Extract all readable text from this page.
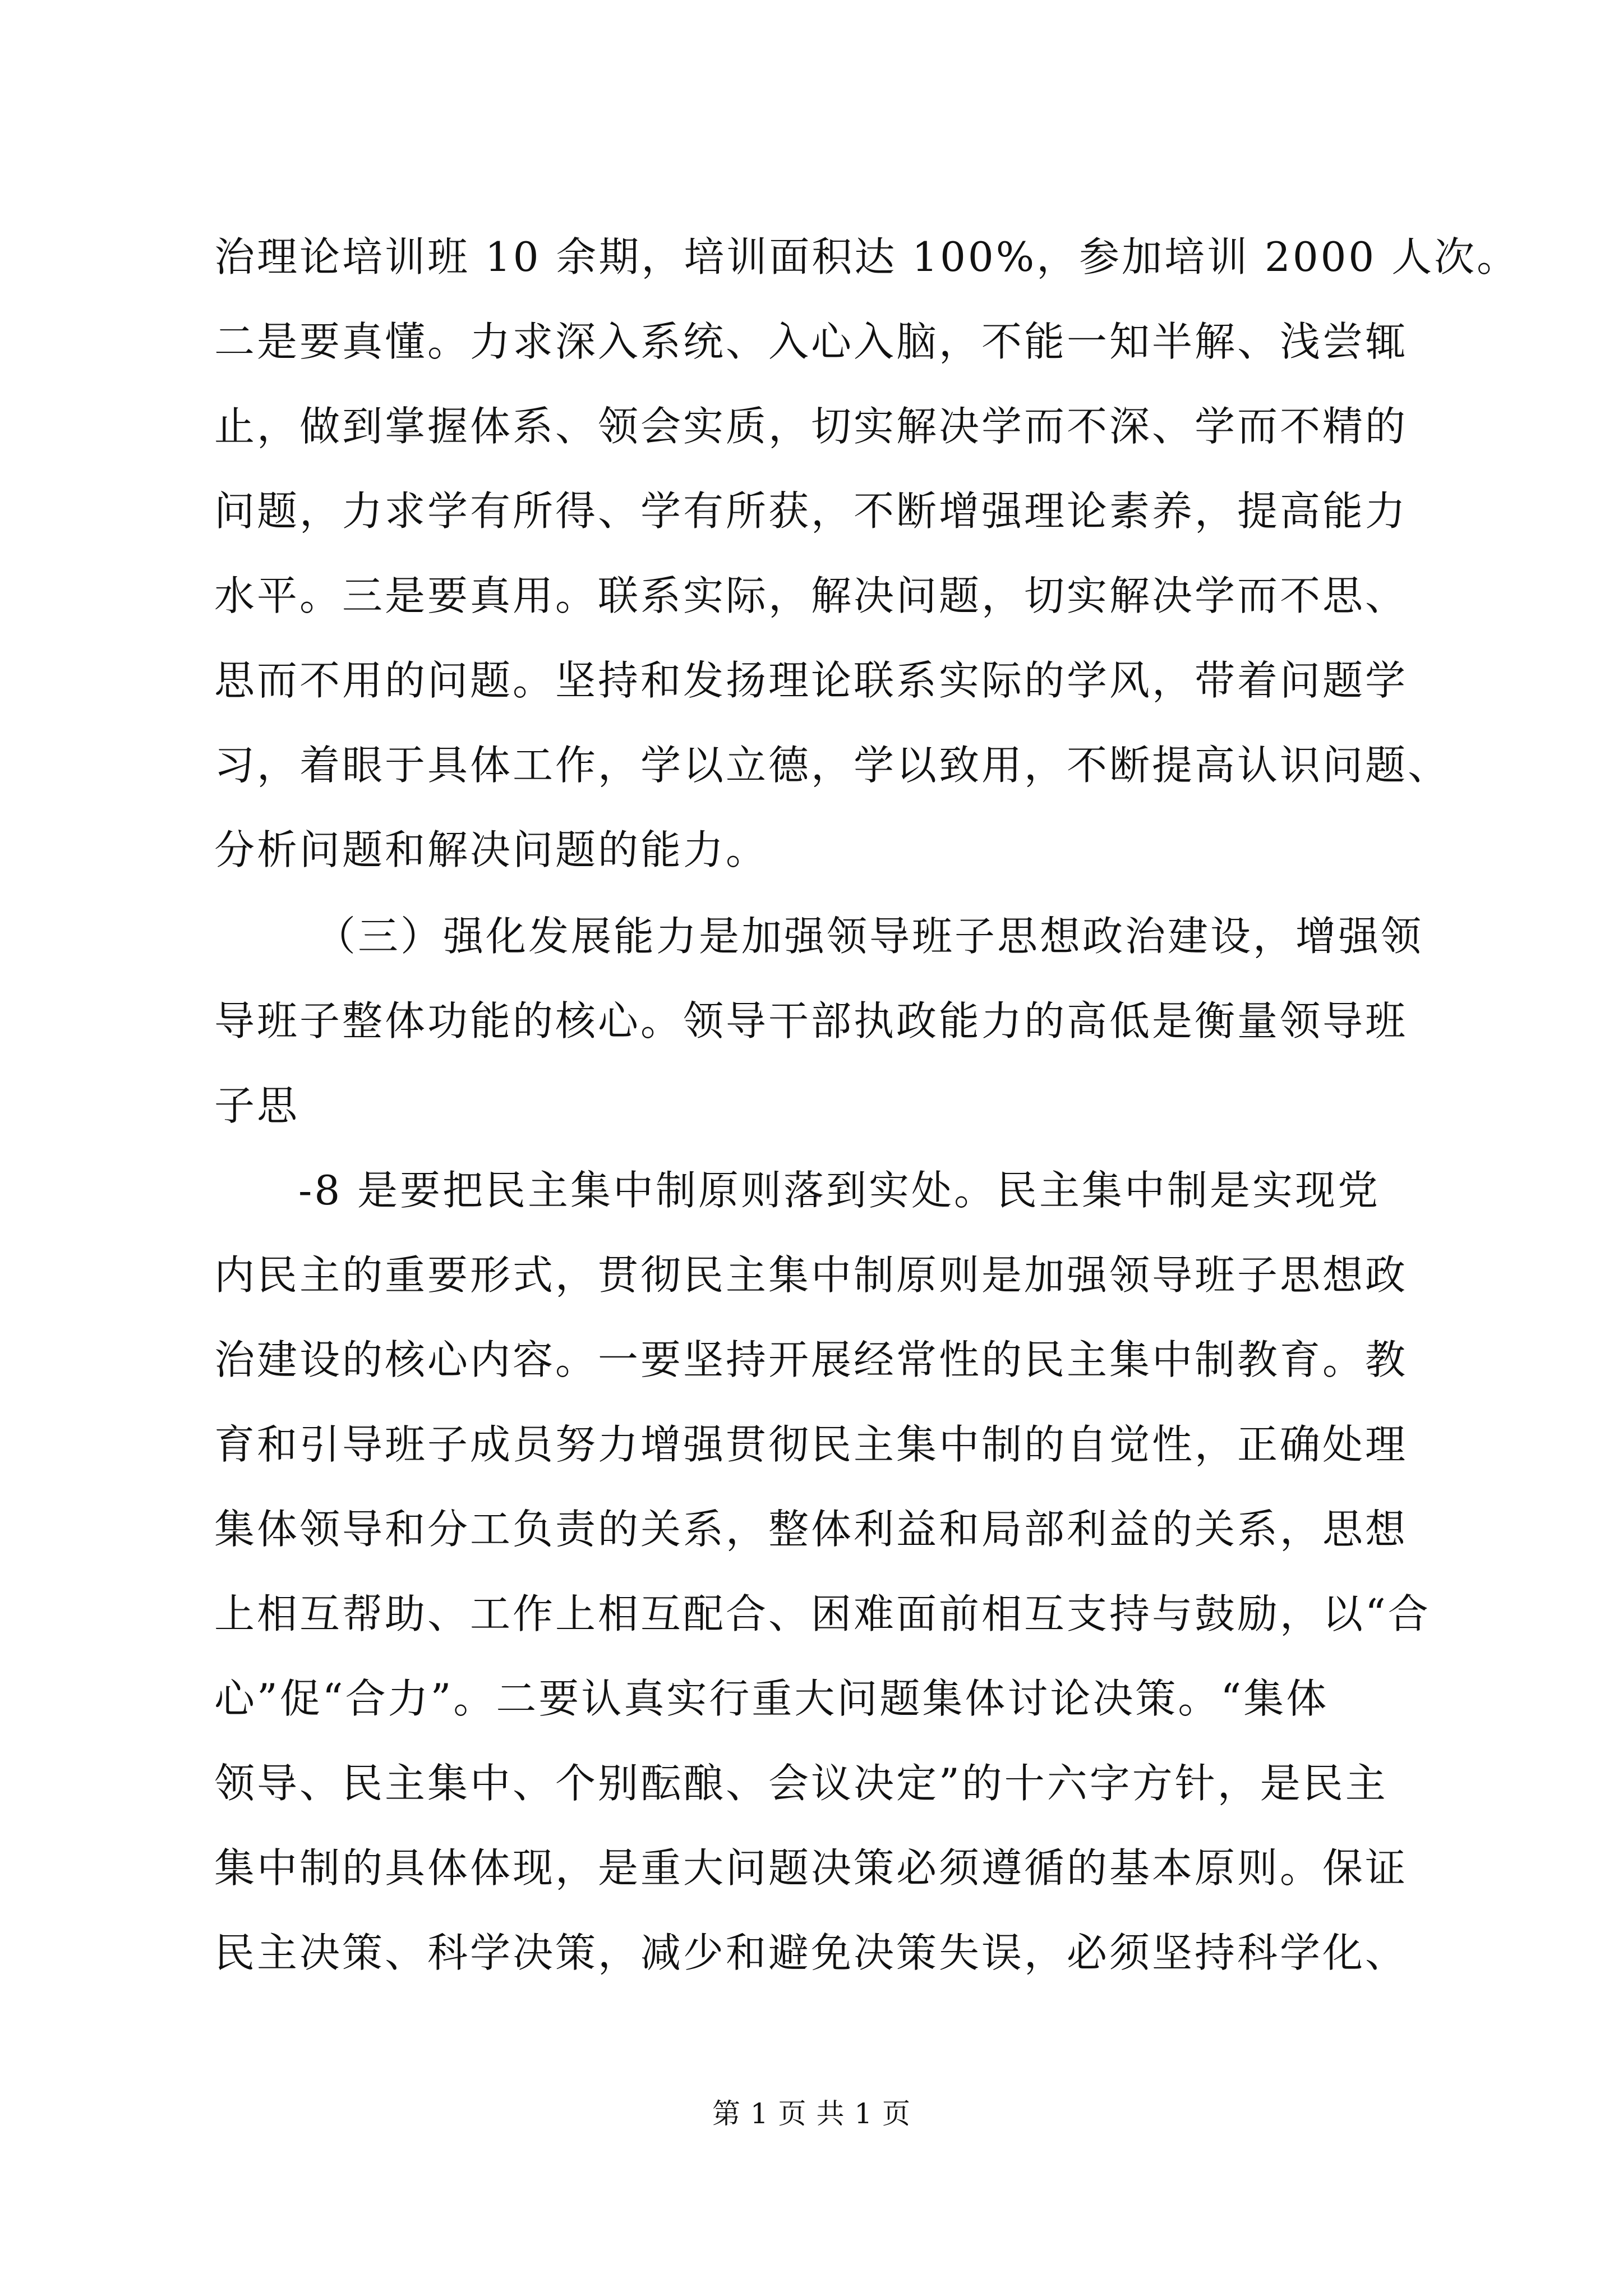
治理论培训班 10 余期，培训面积达 100%，参加培训 2000 人次。
二是要真懂。力求深入系统、入心入脑，不能一知半解、浅尝辄
止，做到掌握体系、领会实质，切实解决学而不深、学而不精的
问题，力求学有所得、学有所获，不断增强理论素养，提高能力
水平。三是要真用。联系实际，解决问题，切实解决学而不思、
思而不用的问题。坚持和发扬理论联系实际的学风，带着问题学
习，着眼于具体工作，学以立德，学以致用，不断提高认识问题、
分析问题和解决问题的能力。
（三）强化发展能力是加强领导班子思想政治建设，增强领
导班子整体功能的核心。领导干部执政能力的高低是衡量领导班
子思
-8 是要把民主集中制原则落到实处。民主集中制是实现党
内民主的重要形式，贯彻民主集中制原则是加强领导班子思想政
治建设的核心内容。一要坚持开展经常性的民主集中制教育。教
育和引导班子成员努力增强贯彻民主集中制的自觉性，正确处理
集体领导和分工负责的关系，整体利益和局部利益的关系，思想
上相互帮助、工作上相互配合、困难面前相互支持与鼓励，以“合
心”促“合力”。二要认真实行重大问题集体讨论决策。“集体
领导、民主集中、个别酝酿、会议决定”的十六字方针，是民主
集中制的具体体现，是重大问题决策必须遵循的基本原则。保证
民主决策、科学决策，减少和避免决策失误，必须坚持科学化、
第 1 页 共 1 页
